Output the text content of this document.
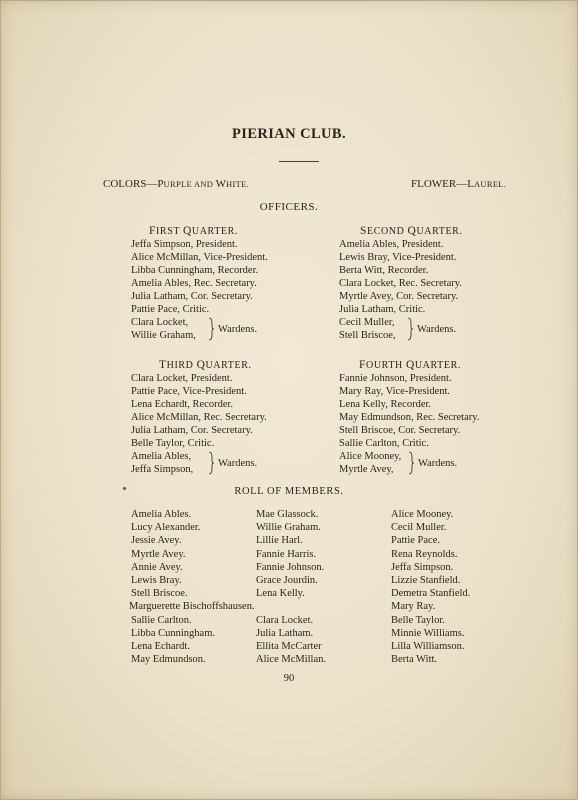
PIERIAN CLUB.
COLORS—PURPLE AND WHITE.	FLOWER—LAUREL.
OFFICERS.
FIRST QUARTER.
Jeffa Simpson, President.
Alice McMillan, Vice-President.
Libba Cunningham, Recorder.
Amelia Ables, Rec. Secretary.
Julia Latham, Cor. Secretary.
Pattie Pace, Critic.
Clara Locket,
Willie Graham,
Wardens.
SECOND QUARTER.
Amelia Ables, President.
Lewis Bray, Vice-President.
Berta Witt, Recorder.
Clara Locket, Rec. Secretary.
Myrtle Avey, Cor. Secretary.
Julia Latham, Critic.
Cecil Muller,
Stell Briscoe,
Wardens.
THIRD QUARTER.
Clara Locket, President.
Pattie Pace, Vice-President.
Lena Echardt, Recorder.
Alice McMillan, Rec. Secretary.
Julia Latham, Cor. Secretary.
Belle Taylor, Critic.
Amelia Ables,
Jeffa Simpson,
Wardens.
FOURTH QUARTER.
Fannie Johnson, President.
Mary Ray, Vice-President.
Lena Kelly, Recorder.
May Edmundson, Rec. Secretary.
Stell Briscoe, Cor. Secretary.
Sallie Carlton, Critic.
Alice Mooney,
Myrtle Avey,
Wardens.
ROLL OF MEMBERS.
Amelia Ables.
Lucy Alexander.
Jessie Avey.
Myrtle Avey.
Annie Avey.
Lewis Bray.
Stell Briscoe.
Marguerette Bischoffshausen.
Sallie Carlton.
Libba Cunningham.
Lena Echardt.
May Edmundson.
Mae Glassock.
Willie Graham.
Lillie Harl.
Fannie Harris.
Fannie Johnson.
Grace Jourdin.
Lena Kelly.
Clara Locket.
Julia Latham.
Ellita McCarter
Alice McMillan.
Alice Mooney.
Cecil Muller.
Pattie Pace.
Rena Reynolds.
Jeffa Simpson.
Lizzie Stanfield.
Demetra Stanfield.
Mary Ray.
Belle Taylor.
Minnie Williams.
Lilla Williamson.
Berta Witt.
90
